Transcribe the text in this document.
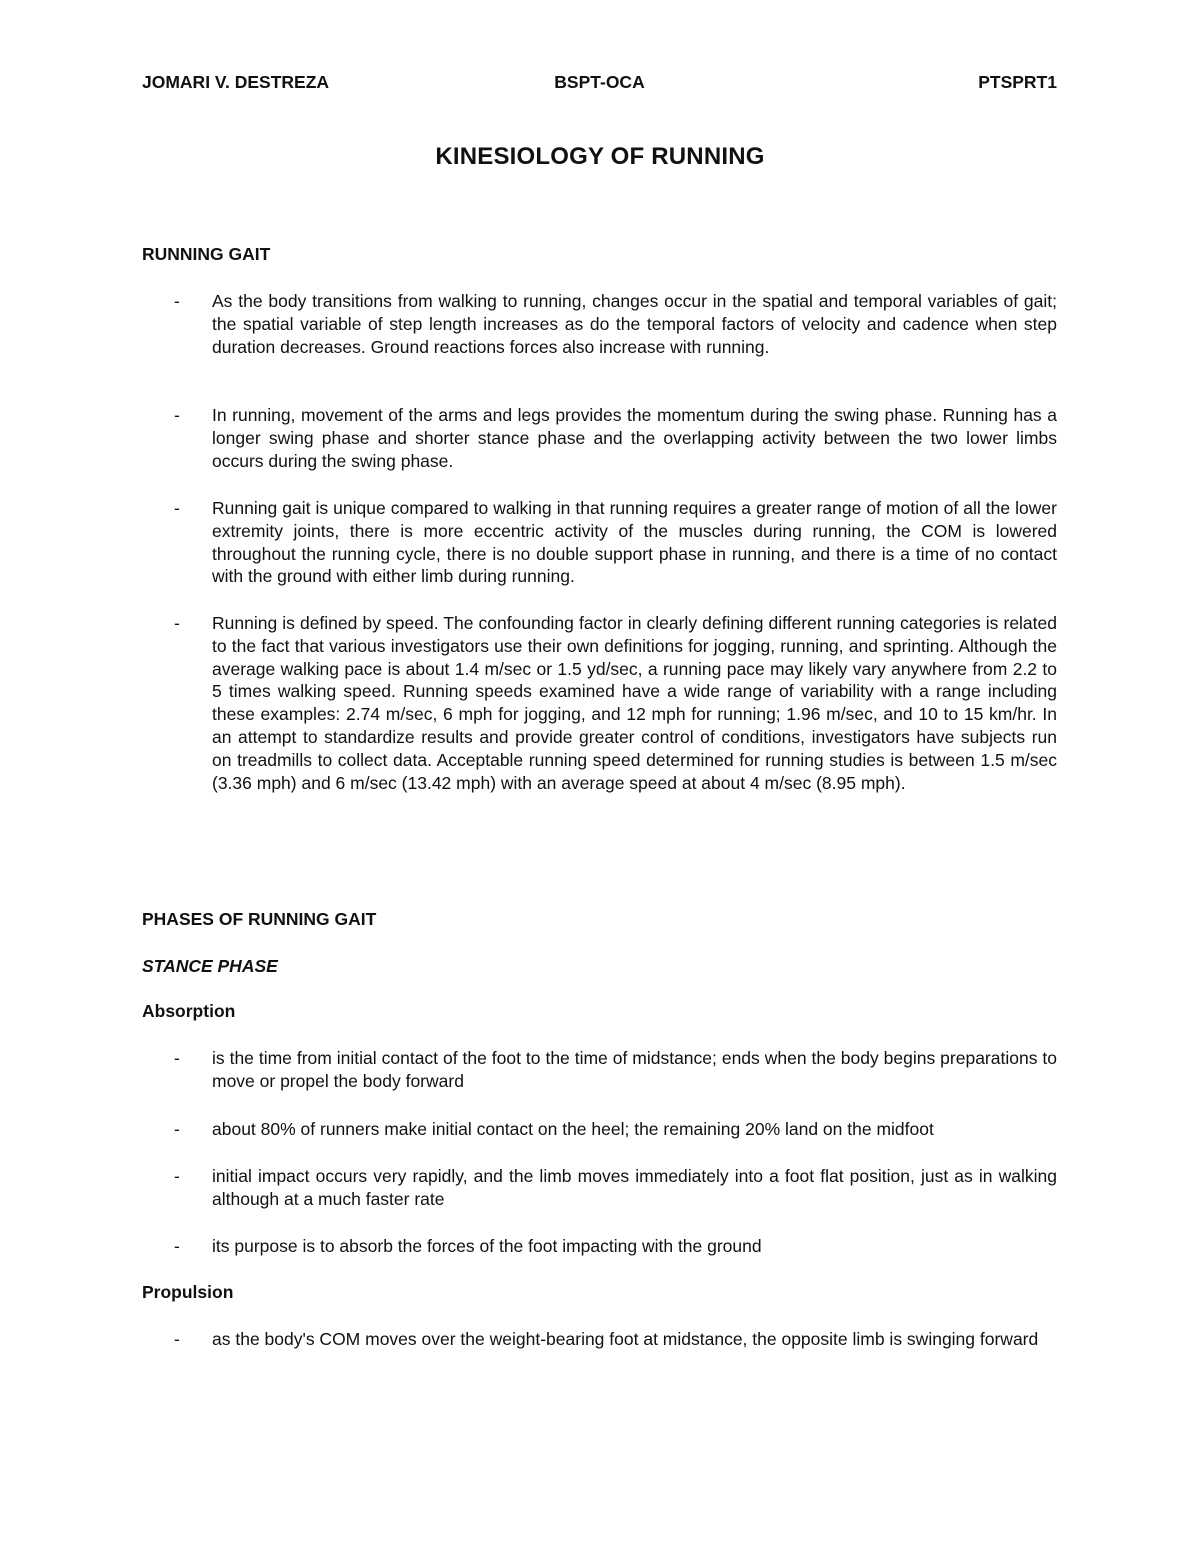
JOMARI V. DESTREZA	BSPT-OCA	PTSPRT1
KINESIOLOGY OF RUNNING
RUNNING GAIT
- As the body transitions from walking to running, changes occur in the spatial and temporal variables of gait; the spatial variable of step length increases as do the temporal factors of velocity and cadence when step duration decreases. Ground reactions forces also increase with running.
- In running, movement of the arms and legs provides the momentum during the swing phase. Running has a longer swing phase and shorter stance phase and the overlapping activity between the two lower limbs occurs during the swing phase.
- Running gait is unique compared to walking in that running requires a greater range of motion of all the lower extremity joints, there is more eccentric activity of the muscles during running, the COM is lowered throughout the running cycle, there is no double support phase in running, and there is a time of no contact with the ground with either limb during running.
- Running is defined by speed. The confounding factor in clearly defining different running categories is related to the fact that various investigators use their own definitions for jogging, running, and sprinting. Although the average walking pace is about 1.4 m/sec or 1.5 yd/sec, a running pace may likely vary anywhere from 2.2 to 5 times walking speed. Running speeds examined have a wide range of variability with a range including these examples: 2.74 m/sec, 6 mph for jogging, and 12 mph for running; 1.96 m/sec, and 10 to 15 km/hr. In an attempt to standardize results and provide greater control of conditions, investigators have subjects run on treadmills to collect data. Acceptable running speed determined for running studies is between 1.5 m/sec (3.36 mph) and 6 m/sec (13.42 mph) with an average speed at about 4 m/sec (8.95 mph).
PHASES OF RUNNING GAIT
STANCE PHASE
Absorption
- is the time from initial contact of the foot to the time of midstance; ends when the body begins preparations to move or propel the body forward
- about 80% of runners make initial contact on the heel; the remaining 20% land on the midfoot
- initial impact occurs very rapidly, and the limb moves immediately into a foot flat position, just as in walking although at a much faster rate
- its purpose is to absorb the forces of the foot impacting with the ground
Propulsion
- as the body's COM moves over the weight-bearing foot at midstance, the opposite limb is swinging forward
